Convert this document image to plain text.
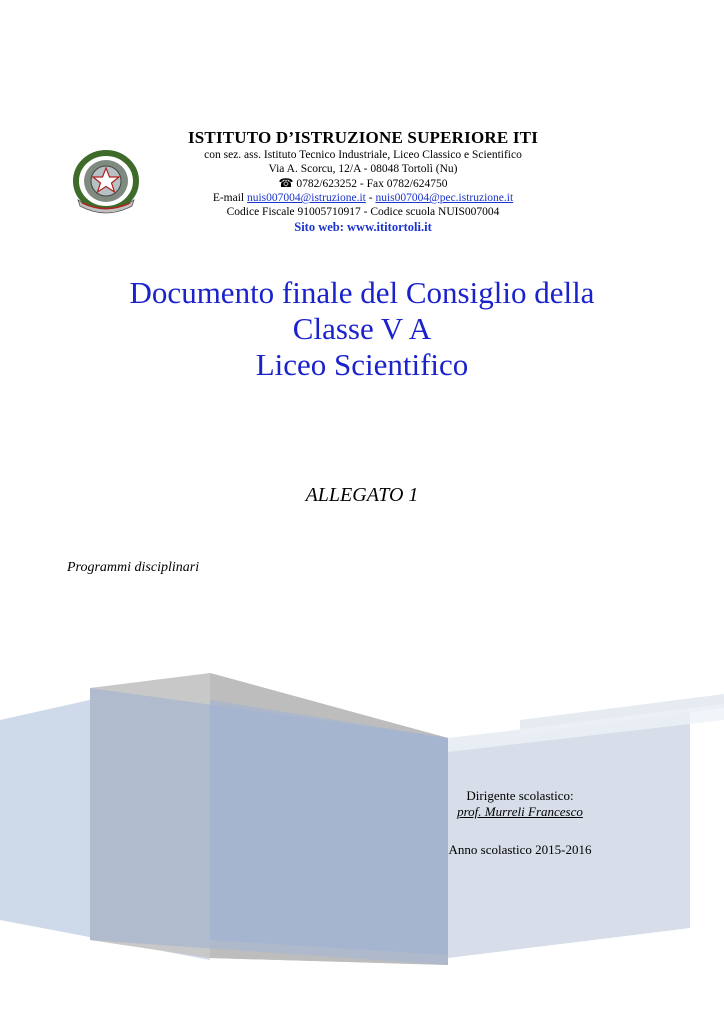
ISTITUTO D’ISTRUZIONE SUPERIORE ITI
con sez. ass. Istituto Tecnico Industriale, Liceo Classico e Scientifico
Via A. Scorcu, 12/A - 08048 Tortolì (Nu)
☎ 0782/623252 - Fax 0782/624750
E-mail nuis007004@istruzione.it - nuis007004@pec.istruzione.it
Codice Fiscale 91005710917 - Codice scuola NUIS007004
Sito web: www.ititortoli.it
Documento finale del Consiglio della
Classe V A
Liceo Scientifico
ALLEGATO 1
Programmi disciplinari
Dirigente scolastico:
prof. Murreli Francesco
Anno scolastico 2015-2016
